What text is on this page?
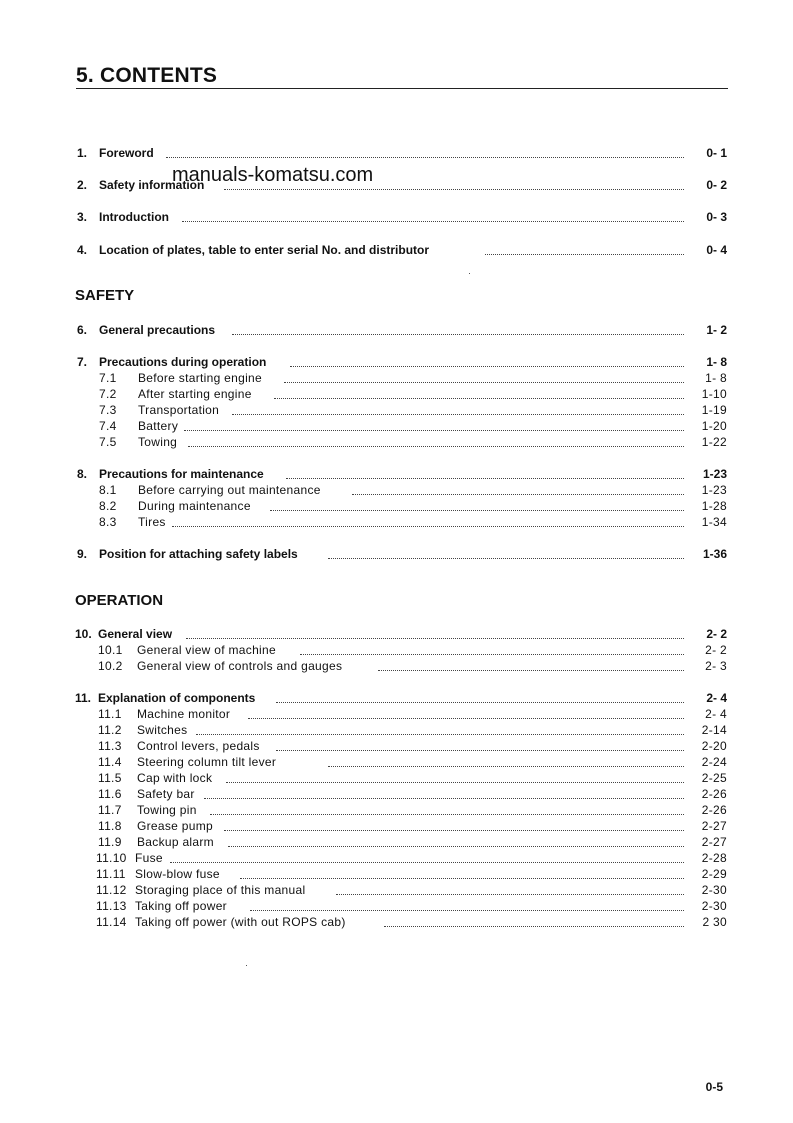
5. CONTENTS
1. Foreword	0- 1
2. Safety information	0- 2
3. Introduction	0- 3
4. Location of plates, table to enter serial No. and distributor	0- 4
manuals-komatsu.com
SAFETY
6. General precautions	1- 2
7. Precautions during operation	1- 8
7.1 Before starting engine	1- 8
7.2 After starting engine	1-10
7.3 Transportation	1-19
7.4 Battery	1-20
7.5 Towing	1-22
8. Precautions for maintenance	1-23
8.1 Before carrying out maintenance	1-23
8.2 During maintenance	1-28
8.3 Tires	1-34
9. Position for attaching safety labels	1-36
OPERATION
10. General view	2- 2
10.1 General view of machine	2- 2
10.2 General view of controls and gauges	2- 3
11. Explanation of components	2- 4
11.1 Machine monitor	2- 4
11.2 Switches	2-14
11.3 Control levers, pedals	2-20
11.4 Steering column tilt lever	2-24
11.5 Cap with lock	2-25
11.6 Safety bar	2-26
11.7 Towing pin	2-26
11.8 Grease pump	2-27
11.9 Backup alarm	2-27
11.10 Fuse	2-28
11.11 Slow-blow fuse	2-29
11.12 Storaging place of this manual	2-30
11.13 Taking off power	2-30
11.14 Taking off power (with out ROPS cab)	2 30
0-5
